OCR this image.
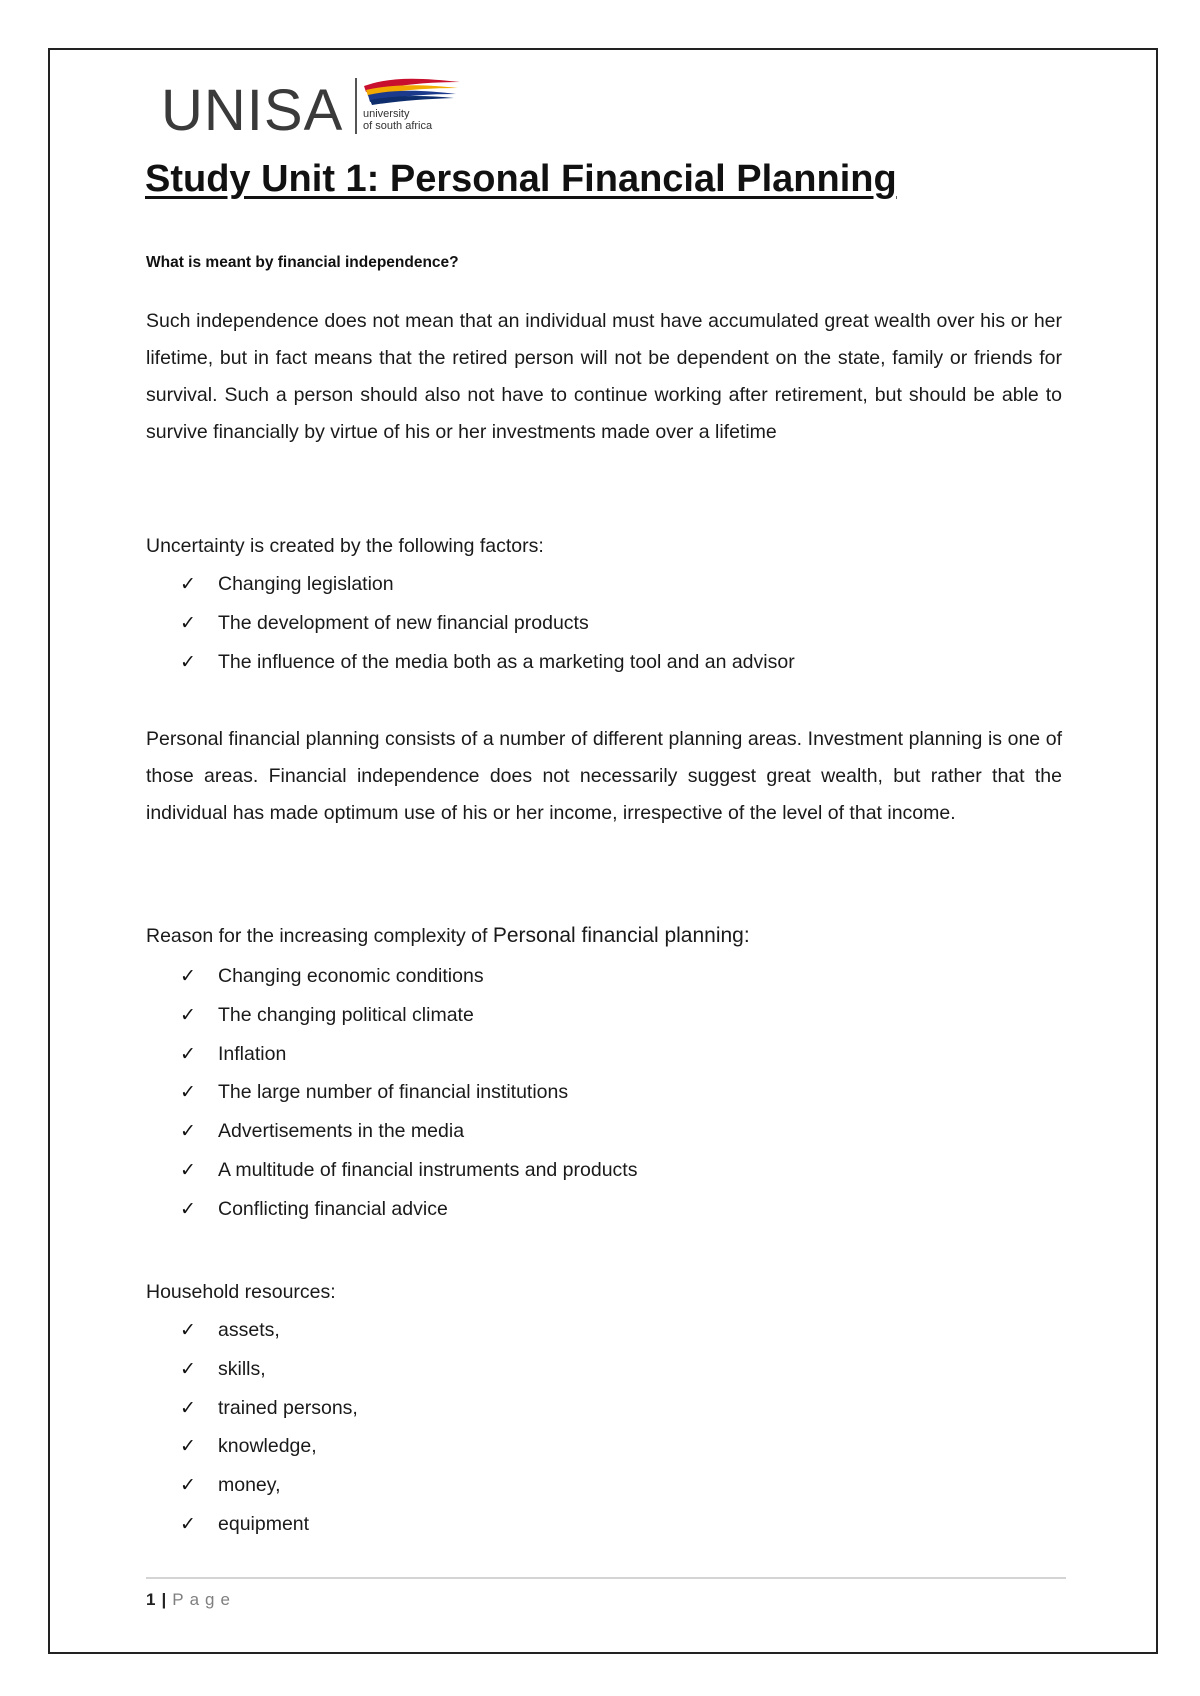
UNISA university
of south africa
Study Unit 1: Personal Financial Planning

What is meant by financial independence?

Such independence does not mean that an individual must have accumulated great wealth over his or her lifetime, but in fact means that the retired person will not be dependent on the state, family or friends for survival. Such a person should also not have to continue working after retirement, but should be able to survive financially by virtue of his or her investments made over a lifetime

Uncertainty is created by the following factors:

✓ Changing legislation
✓ The development of new financial products
✓ The influence of the media both as a marketing tool and an advisor

Personal financial planning consists of a number of different planning areas. Investment planning is one of those areas. Financial independence does not necessarily suggest great wealth, but rather that the individual has made optimum use of his or her income, irrespective of the level of that income.

Reason for the increasing complexity of Personal financial planning:

✓ Changing economic conditions
✓ The changing political climate
✓ Inflation
✓ The large number of financial institutions
✓ Advertisements in the media
✓ A multitude of financial instruments and products
✓ Conflicting financial advice

Household resources:

✓ assets,
✓ skills,
✓ trained persons,
✓ knowledge,
✓ money,
✓ equipment
1 | Page
